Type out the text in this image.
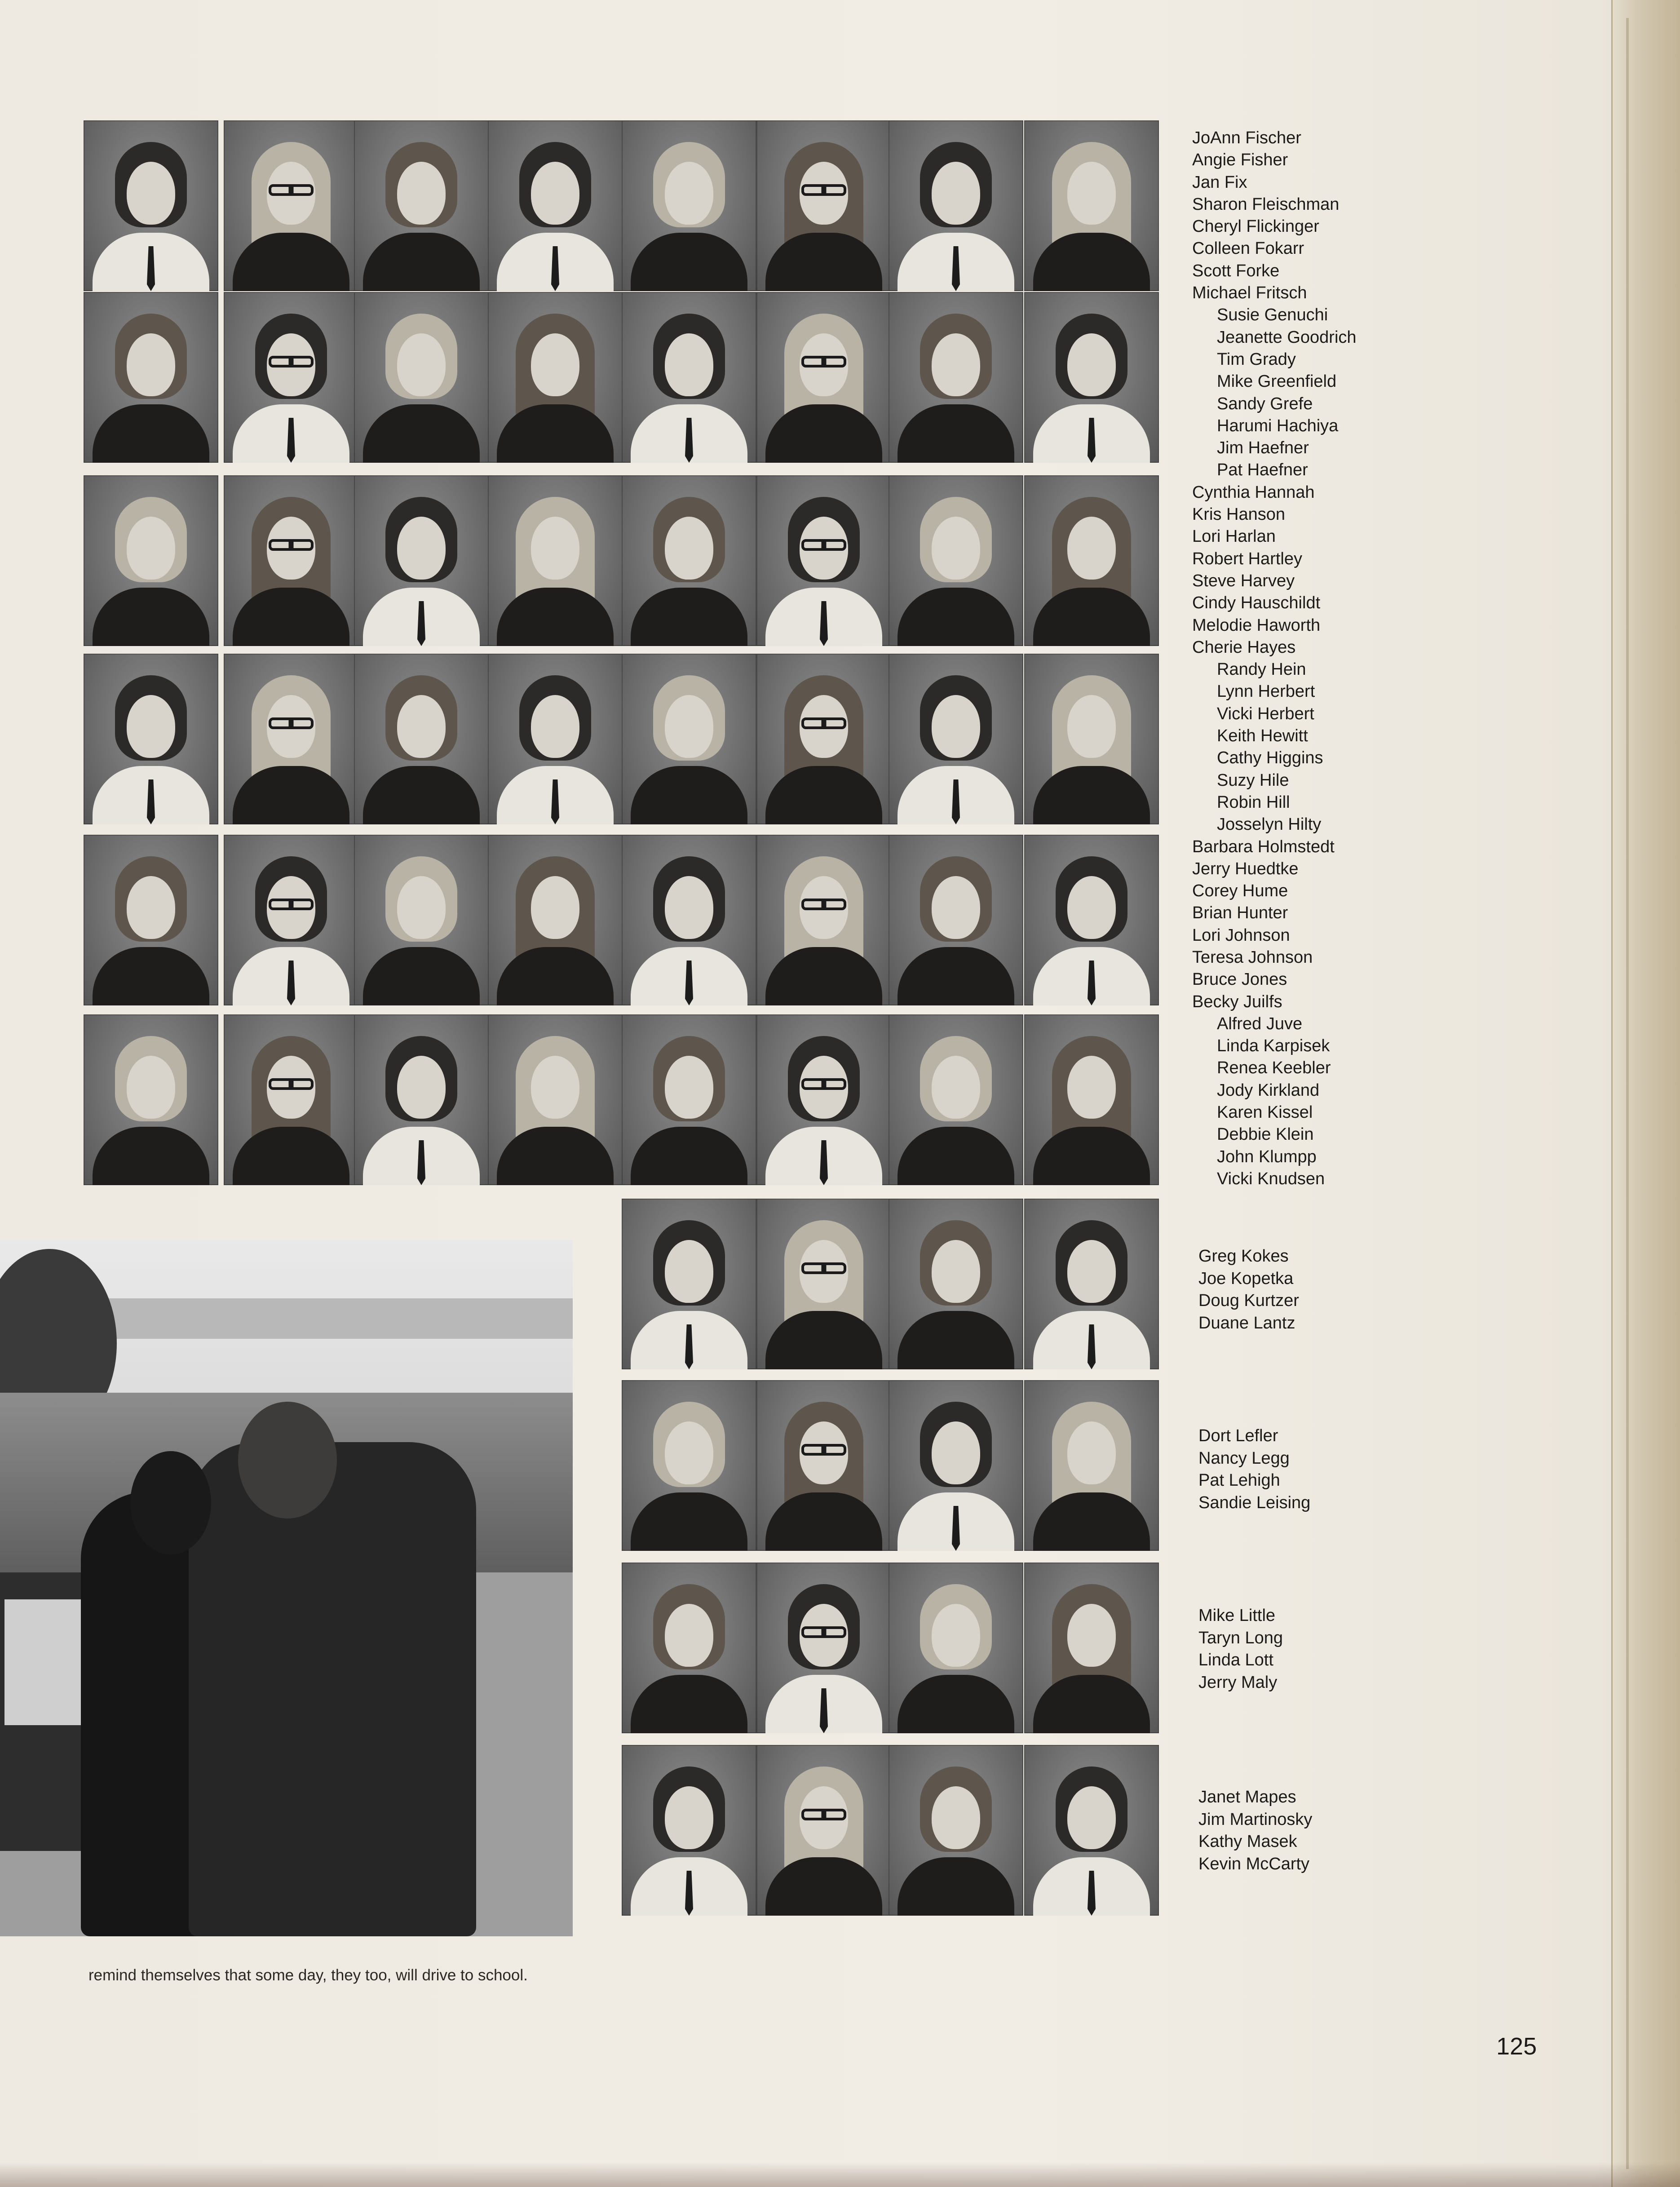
JoAnn Fischer
Angie Fisher
Jan Fix
Sharon Fleischman
Cheryl Flickinger
Colleen Fokarr
Scott Forke
Michael Fritsch
Susie Genuchi
Jeanette Goodrich
Tim Grady
Mike Greenfield
Sandy Grefe
Harumi Hachiya
Jim Haefner
Pat Haefner
Cynthia Hannah
Kris Hanson
Lori Harlan
Robert Hartley
Steve Harvey
Cindy Hauschildt
Melodie Haworth
Cherie Hayes
Randy Hein
Lynn Herbert
Vicki Herbert
Keith Hewitt
Cathy Higgins
Suzy Hile
Robin Hill
Josselyn Hilty
Barbara Holmstedt
Jerry Huedtke
Corey Hume
Brian Hunter
Lori Johnson
Teresa Johnson
Bruce Jones
Becky Juilfs
Alfred Juve
Linda Karpisek
Renea Keebler
Jody Kirkland
Karen Kissel
Debbie Klein
John Klumpp
Vicki Knudsen
Greg Kokes
Joe Kopetka
Doug Kurtzer
Duane Lantz
Dort Lefler
Nancy Legg
Pat Lehigh
Sandie Leising
Mike Little
Taryn Long
Linda Lott
Jerry Maly
Janet Mapes
Jim Martinosky
Kathy Masek
Kevin McCarty
remind themselves that some day, they too, will drive to school.
125
